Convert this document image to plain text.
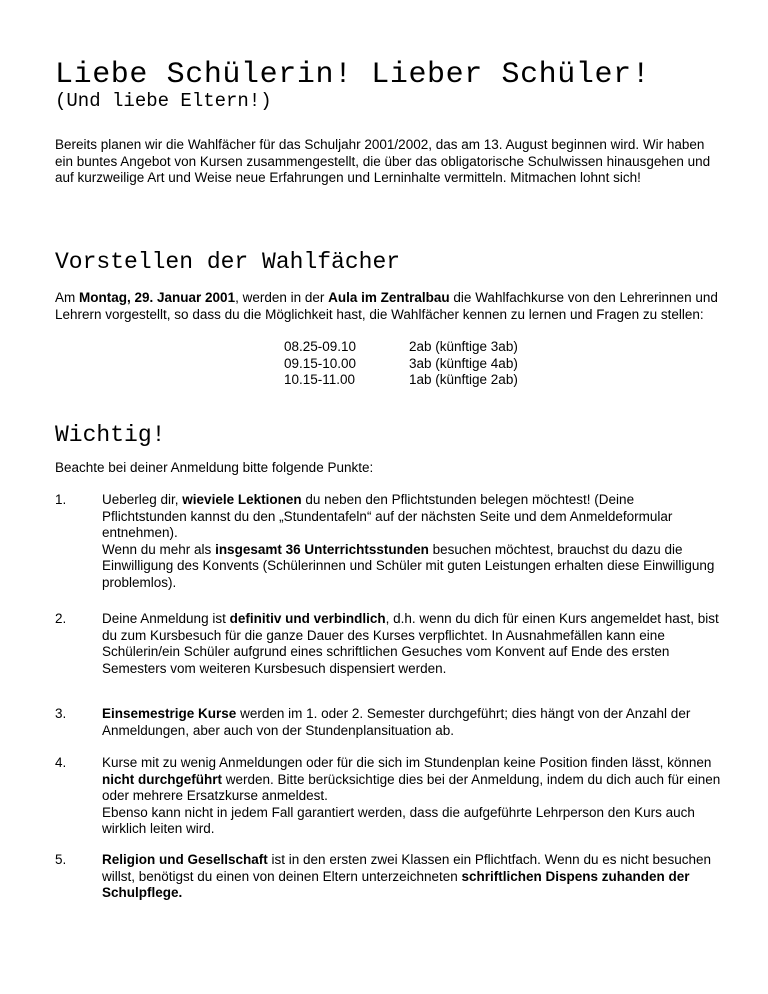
Liebe Schülerin! Lieber Schüler!
(Und liebe Eltern!)

Bereits planen wir die Wahlfächer für das Schuljahr 2001/2002, das am 13. August beginnen wird. Wir haben ein buntes Angebot von Kursen zusammengestellt, die über das obligatorische Schulwissen hinausgehen und auf kurzweilige Art und Weise neue Erfahrungen und Lerninhalte vermitteln. Mitmachen lohnt sich!

Vorstellen der Wahlfächer

Am Montag, 29. Januar 2001, werden in der Aula im Zentralbau die Wahlfachkurse von den Lehrerinnen und Lehrern vorgestellt, so dass du die Möglichkeit hast, die Wahlfächer kennen zu lernen und Fragen zu stellen:

08.25-09.10	2ab (künftige 3ab)
09.15-10.00	3ab (künftige 4ab)
10.15-11.00	1ab (künftige 2ab)
Wichtig!

Beachte bei deiner Anmeldung bitte folgende Punkte:

1.	Ueberleg dir, wieviele Lektionen du neben den Pflichtstunden belegen möchtest! (Deine Pflichtstunden kannst du den „Stundentafeln“ auf der nächsten Seite und dem Anmeldeformular entnehmen).
Wenn du mehr als insgesamt 36 Unterrichtsstunden besuchen möchtest, brauchst du dazu die Einwilligung des Konvents (Schülerinnen und Schüler mit guten Leistungen erhalten diese Einwilligung problemlos).
2.	Deine Anmeldung ist definitiv und verbindlich, d.h. wenn du dich für einen Kurs angemeldet hast, bist du zum Kursbesuch für die ganze Dauer des Kurses verpflichtet. In Ausnahmefällen kann eine Schülerin/ein Schüler aufgrund eines schriftlichen Gesuches vom Konvent auf Ende des ersten Semesters vom weiteren Kursbesuch dispensiert werden.
3.	Einsemestrige Kurse werden im 1. oder 2. Semester durchgeführt; dies hängt von der Anzahl der Anmeldungen, aber auch von der Stundenplansituation ab.
4.	Kurse mit zu wenig Anmeldungen oder für die sich im Stundenplan keine Position finden lässt, können nicht durchgeführt werden. Bitte berücksichtige dies bei der Anmeldung, indem du dich auch für einen oder mehrere Ersatzkurse anmeldest.
Ebenso kann nicht in jedem Fall garantiert werden, dass die aufgeführte Lehrperson den Kurs auch wirklich leiten wird.
5.	Religion und Gesellschaft ist in den ersten zwei Klassen ein Pflichtfach. Wenn du es nicht besuchen willst, benötigst du einen von deinen Eltern unterzeichneten schriftlichen Dispens zuhanden der Schulpflege.
